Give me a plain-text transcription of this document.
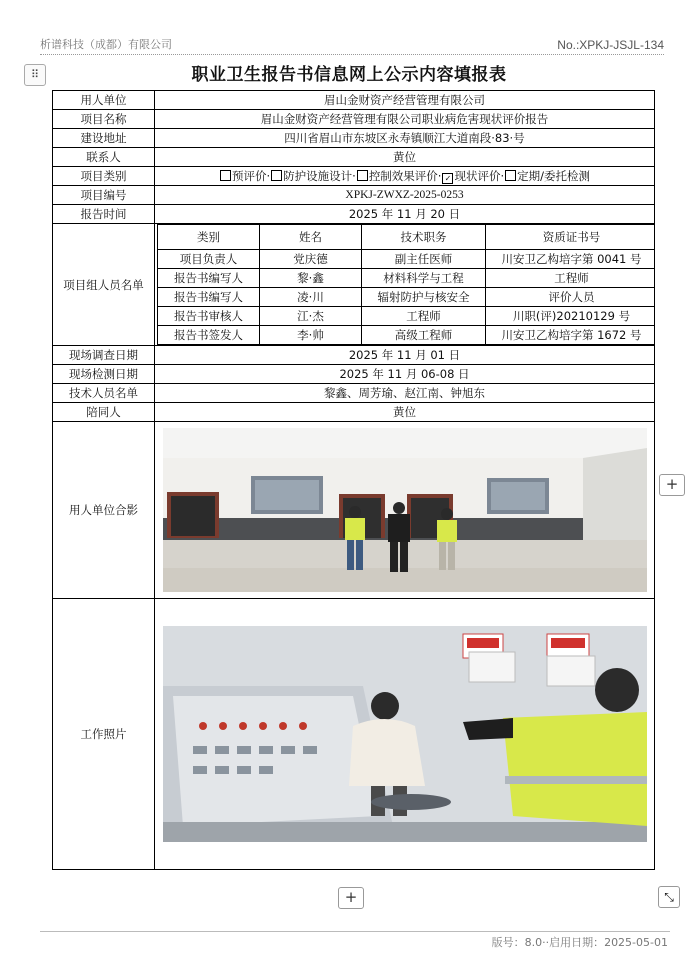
析谱科技（成都）有限公司	No.:XPKJ-JSJL-134
⠿	职业卫生报告书信息网上公示内容填报表
用人单位	眉山金财资产经营管理有限公司
项目名称	眉山金财资产经营管理有限公司职业病危害现状评价报告
建设地址	四川省眉山市东坡区永寿镇顺江大道南段·83·号
联系人	黄位
项目类别	预评价· 防护设施设计· 控制效果评价· ✓ 现状评价· 定期/委托检测
项目编号	XPKJ-ZWXZ-2025-0253
报告时间	2025 年 11 月 20 日
项目组人员名单	
类别	姓名	技术职务	资质证书号
项目负责人	党庆德	副主任医师	川安卫乙构培字第 0041 号
报告书编写人	黎·鑫	材料科学与工程	工程师
报告书编写人	凌·川	辐射防护与核安全	评价人员
报告书审核人	江·杰	工程师	川职(评)20210129 号
报告书签发人	李·帅	高级工程师	川安卫乙构培字第 1672 号

现场调查日期	2025 年 11 月 01 日
现场检测日期	2025 年 11 月 06-08 日
技术人员名单	黎鑫、周芳瑜、赵江南、钟旭东
陪同人	黄位
用人单位合影	

工作照片	
+
+	⤡
版号：8.0··启用日期：2025-05-01
